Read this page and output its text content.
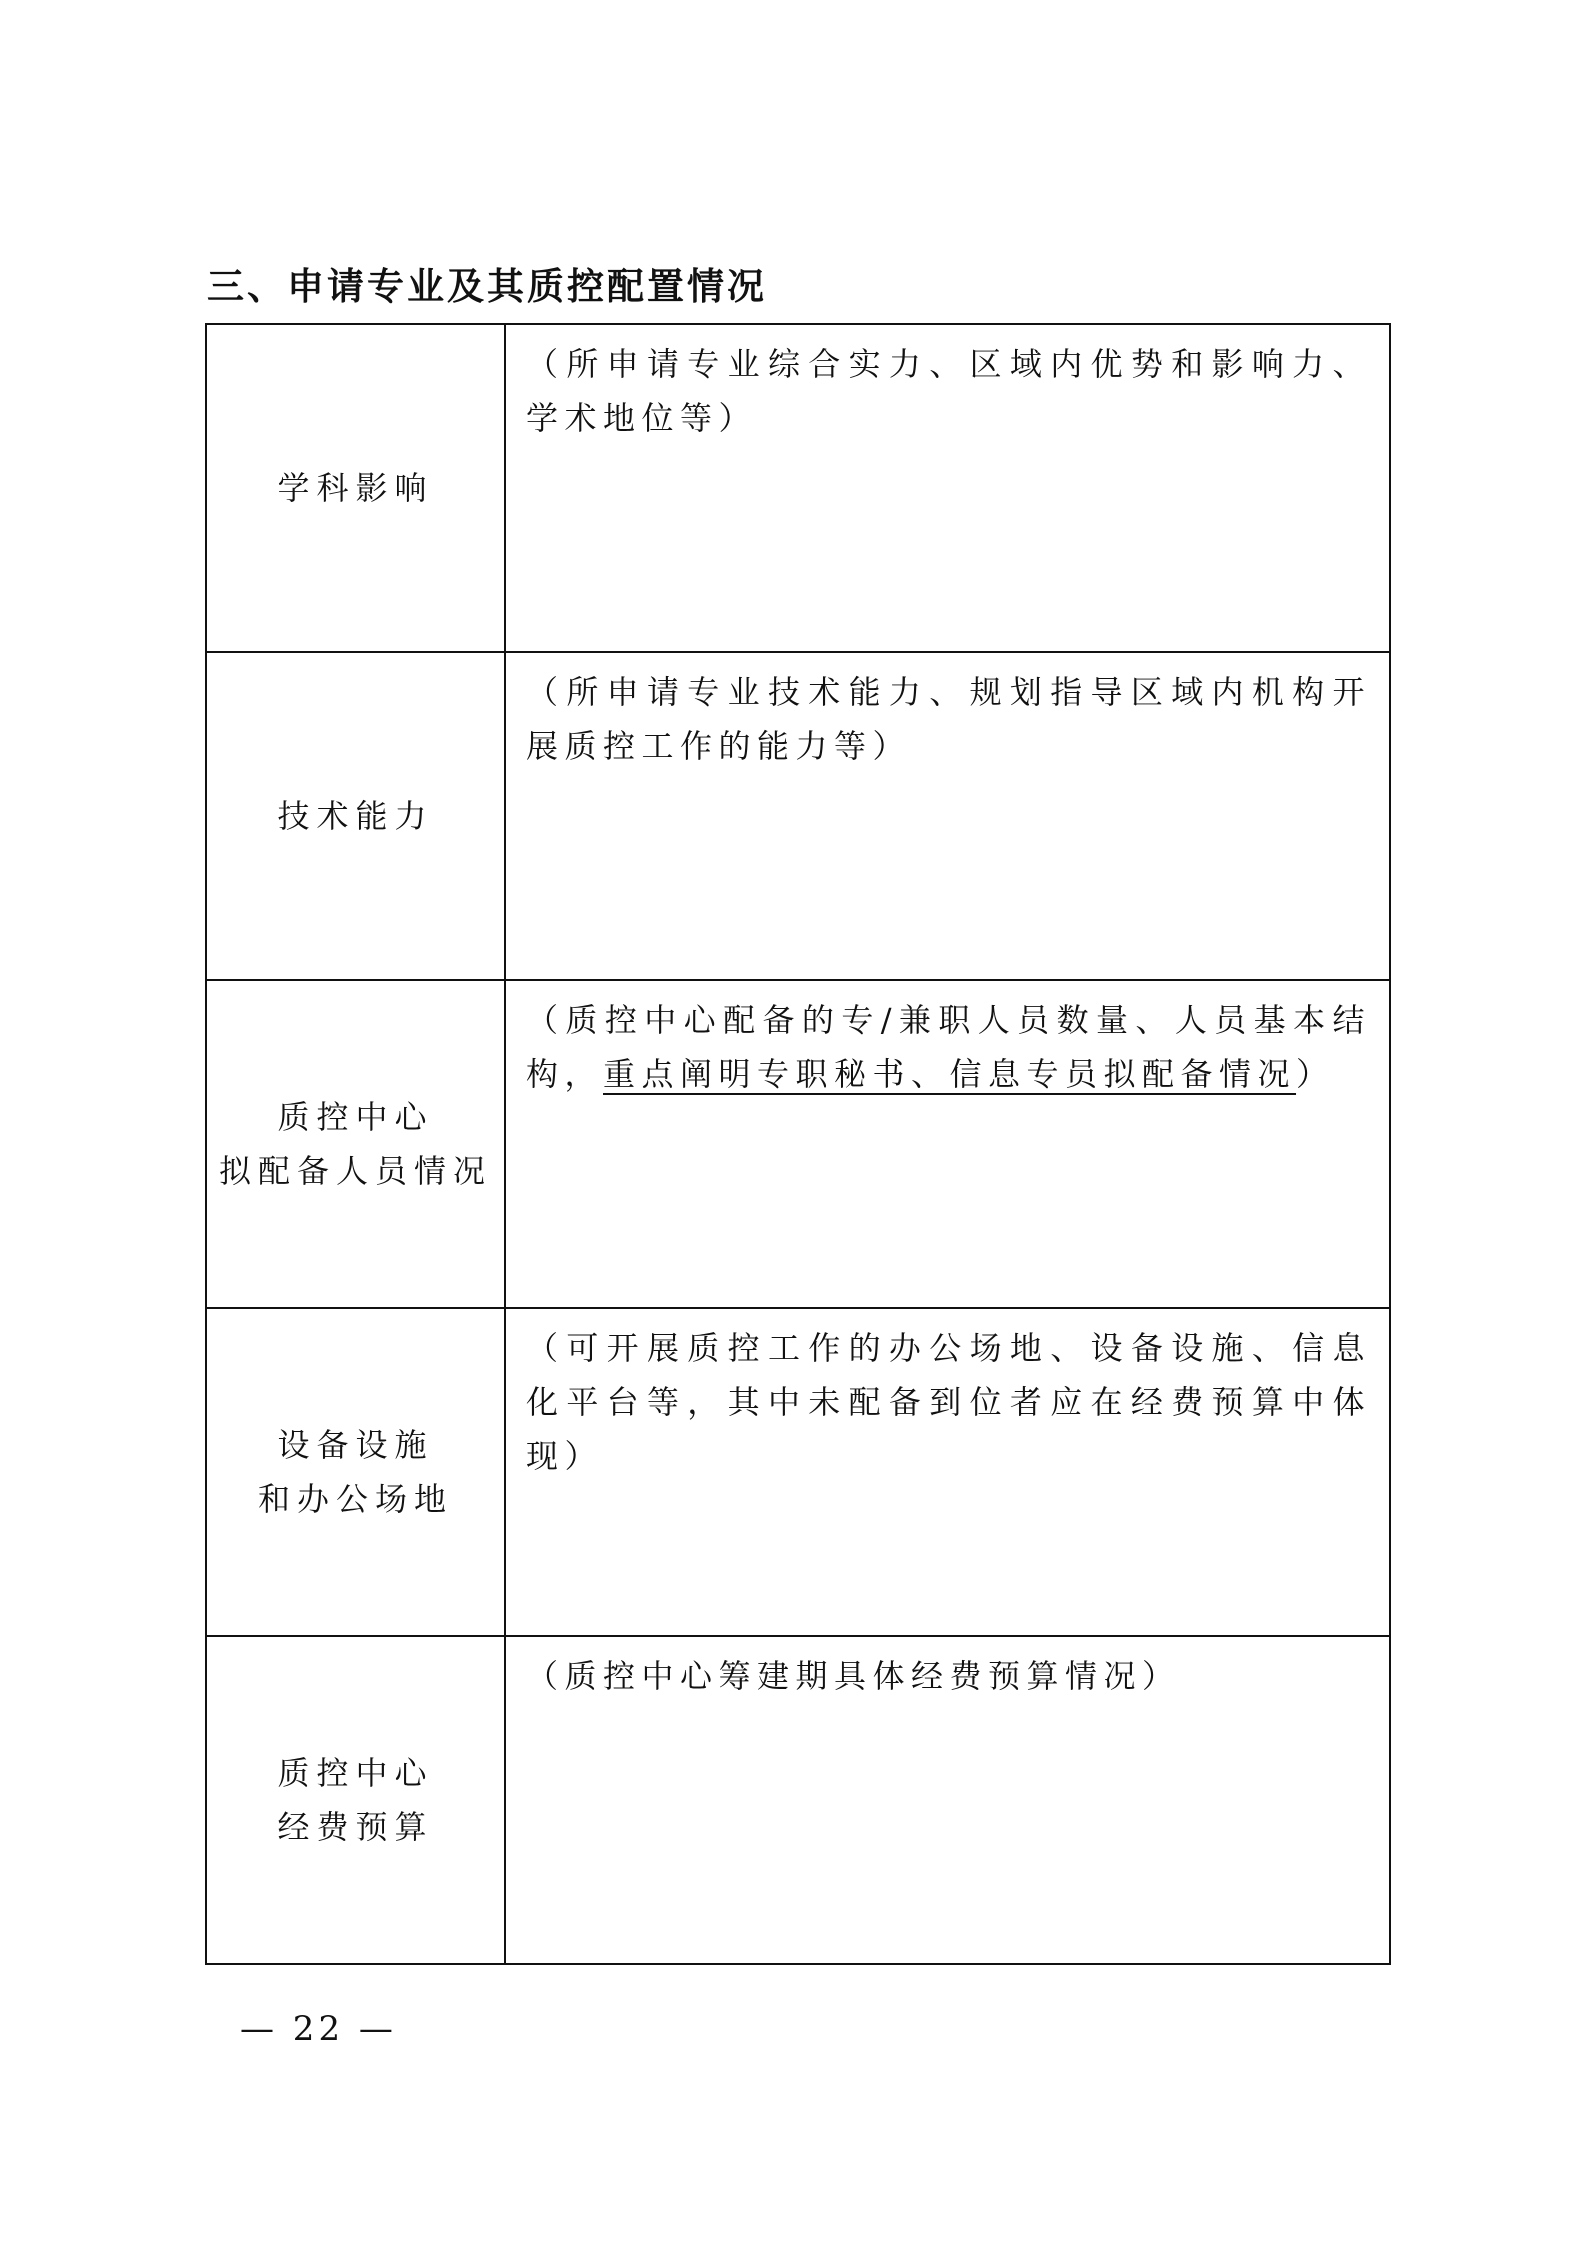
三、申请专业及其质控配置情况
学科影响	（所申请专业综合实力、区域内优势和影响力、学术地位等）

技术能力	（所申请专业技术能力、规划指导区域内机构开展质控工作的能力等）

质控中心
拟配备人员情况	（质控中心配备的专/兼职人员数量、人员基本结构，重点阐明专职秘书、信息专员拟配备情况）

设备设施
和办公场地	（可开展质控工作的办公场地、设备设施、信息化平台等，其中未配备到位者应在经费预算中体现）

质控中心
经费预算	（质控中心筹建期具体经费预算情况）
— 22 —
